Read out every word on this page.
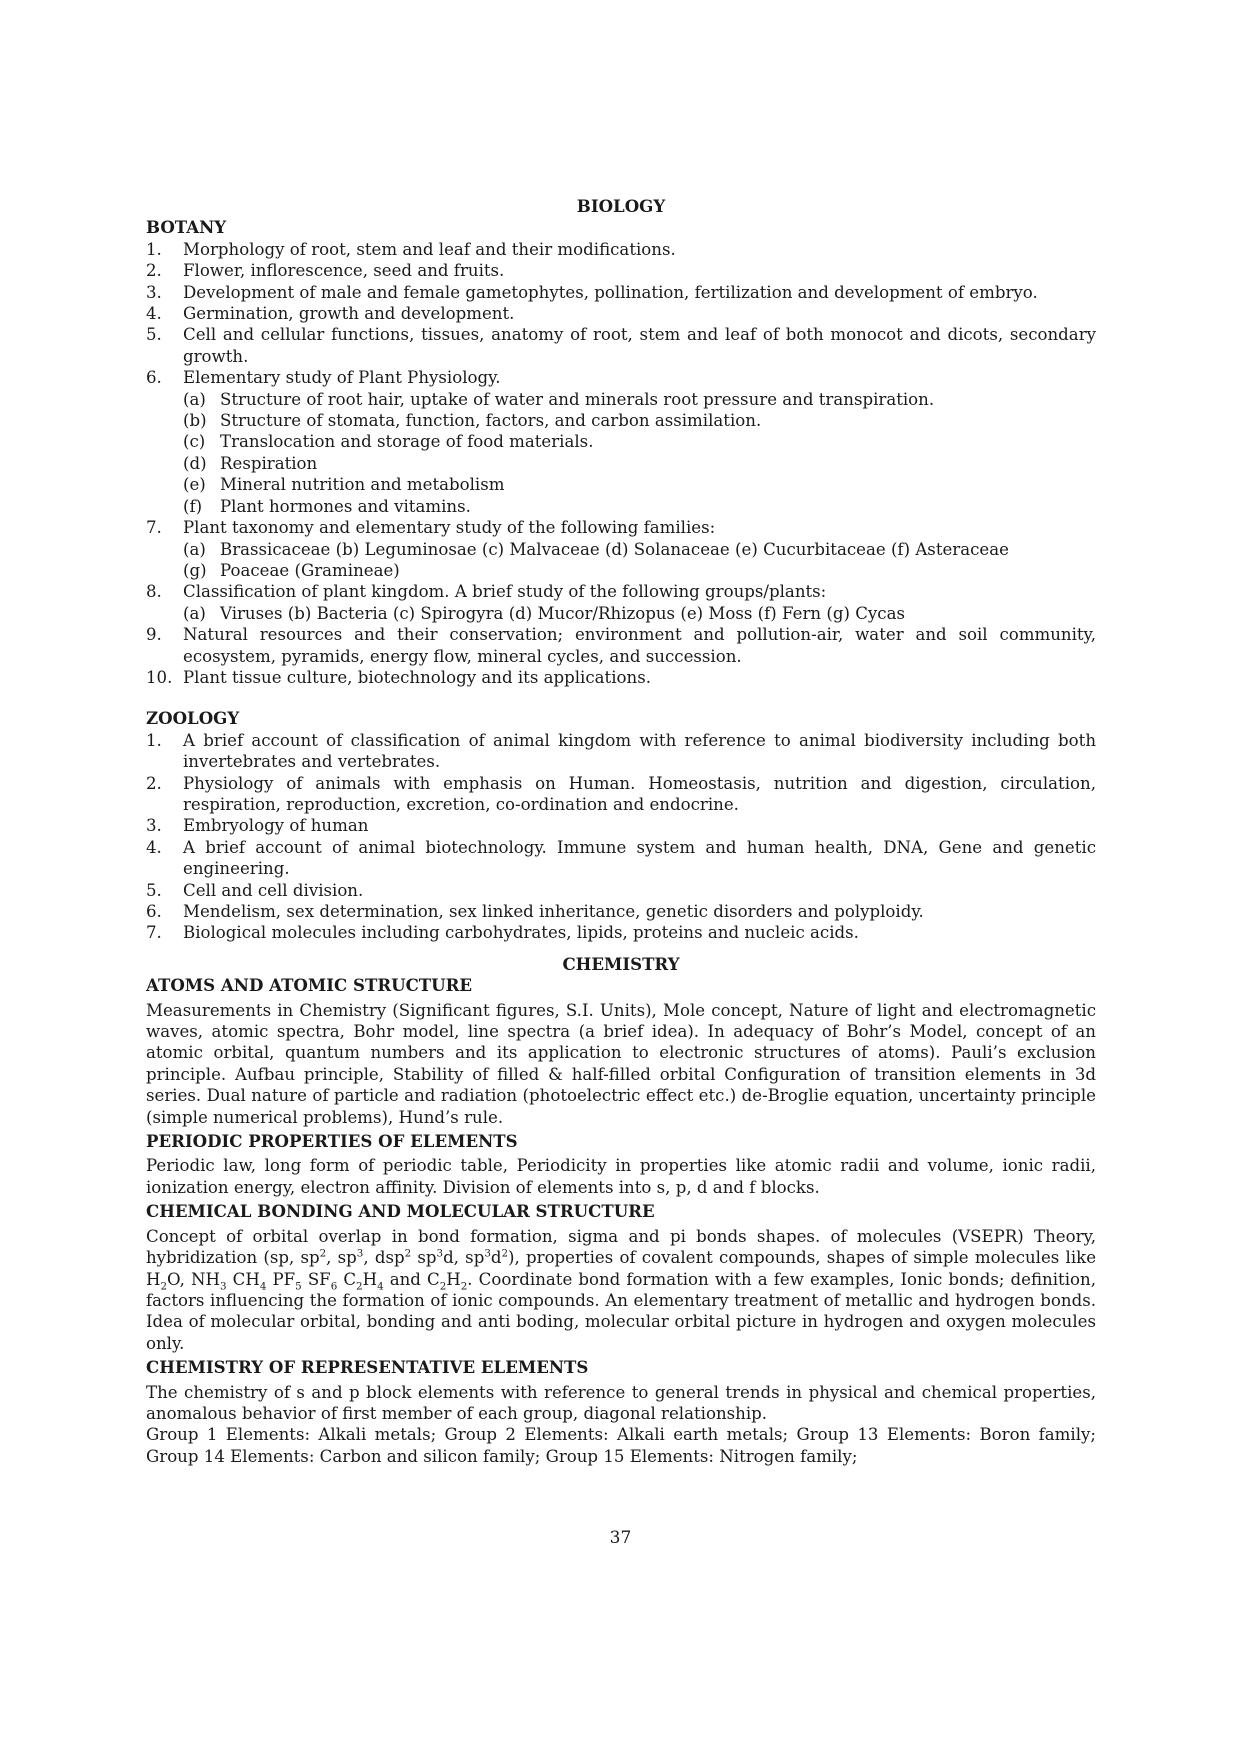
BIOLOGY

BOTANY

1. Morphology of root, stem and leaf and their modifications.
2. Flower, inflorescence, seed and fruits.
3. Development of male and female gametophytes, pollination, fertilization and development of embryo.
4. Germination, growth and development.
5. Cell and cellular functions, tissues, anatomy of root, stem and leaf of both monocot and dicots, secondary growth.
6. Elementary study of Plant Physiology.
(a) Structure of root hair, uptake of water and minerals root pressure and transpiration.
(b) Structure of stomata, function, factors, and carbon assimilation.
(c) Translocation and storage of food materials.
(d) Respiration
(e) Mineral nutrition and metabolism
(f) Plant hormones and vitamins.
7. Plant taxonomy and elementary study of the following families:
(a) Brassicaceae (b) Leguminosae (c) Malvaceae (d) Solanaceae (e) Cucurbitaceae (f) Asteraceae
(g) Poaceae (Gramineae)
8. Classification of plant kingdom. A brief study of the following groups/plants:
(a) Viruses (b) Bacteria (c) Spirogyra (d) Mucor/Rhizopus (e) Moss (f) Fern (g) Cycas
9. Natural resources and their conservation; environment and pollution-air, water and soil community, ecosystem, pyramids, energy flow, mineral cycles, and succession.
10. Plant tissue culture, biotechnology and its applications.

ZOOLOGY

1. A brief account of classification of animal kingdom with reference to animal biodiversity including both invertebrates and vertebrates.
2. Physiology of animals with emphasis on Human. Homeostasis, nutrition and digestion, circulation, respiration, reproduction, excretion, co-ordination and endocrine.
3. Embryology of human
4. A brief account of animal biotechnology. Immune system and human health, DNA, Gene and genetic engineering.
5. Cell and cell division.
6. Mendelism, sex determination, sex linked inheritance, genetic disorders and polyploidy.
7. Biological molecules including carbohydrates, lipids, proteins and nucleic acids.

CHEMISTRY

ATOMS AND ATOMIC STRUCTURE

Measurements in Chemistry (Significant figures, S.I. Units), Mole concept, Nature of light and electromagnetic waves, atomic spectra, Bohr model, line spectra (a brief idea). In adequacy of Bohr’s Model, concept of an atomic orbital, quantum numbers and its application to electronic structures of atoms). Pauli’s exclusion principle. Aufbau principle, Stability of filled & half-filled orbital Configuration of transition elements in 3d series. Dual nature of particle and radiation (photoelectric effect etc.) de-Broglie equation, uncertainty principle (simple numerical problems), Hund’s rule.

PERIODIC PROPERTIES OF ELEMENTS

Periodic law, long form of periodic table, Periodicity in properties like atomic radii and volume, ionic radii, ionization energy, electron affinity. Division of elements into s, p, d and f blocks.

CHEMICAL BONDING AND MOLECULAR STRUCTURE

Concept of orbital overlap in bond formation, sigma and pi bonds shapes. of molecules (VSEPR) Theory, hybridization (sp, $sp^2$, $sp^3$, dsp$^2$ $sp^3d$, $sp^3d^2$), properties of covalent compounds, shapes of simple molecules like $H_2O$, $NH_3$ $CH_4$ $PF_5$ $SF_6$ $C_2H_4$ and $C_2H_2$. Coordinate bond formation with a few examples, Ionic bonds; definition, factors influencing the formation of ionic compounds. An elementary treatment of metallic and hydrogen bonds. Idea of molecular orbital, bonding and anti boding, molecular orbital picture in hydrogen and oxygen molecules only.

CHEMISTRY OF REPRESENTATIVE ELEMENTS

The chemistry of s and p block elements with reference to general trends in physical and chemical properties, anomalous behavior of first member of each group, diagonal relationship.

Group 1 Elements: Alkali metals; Group 2 Elements: Alkali earth metals; Group 13 Elements: Boron family; Group 14 Elements: Carbon and silicon family; Group 15 Elements: Nitrogen family;

37
